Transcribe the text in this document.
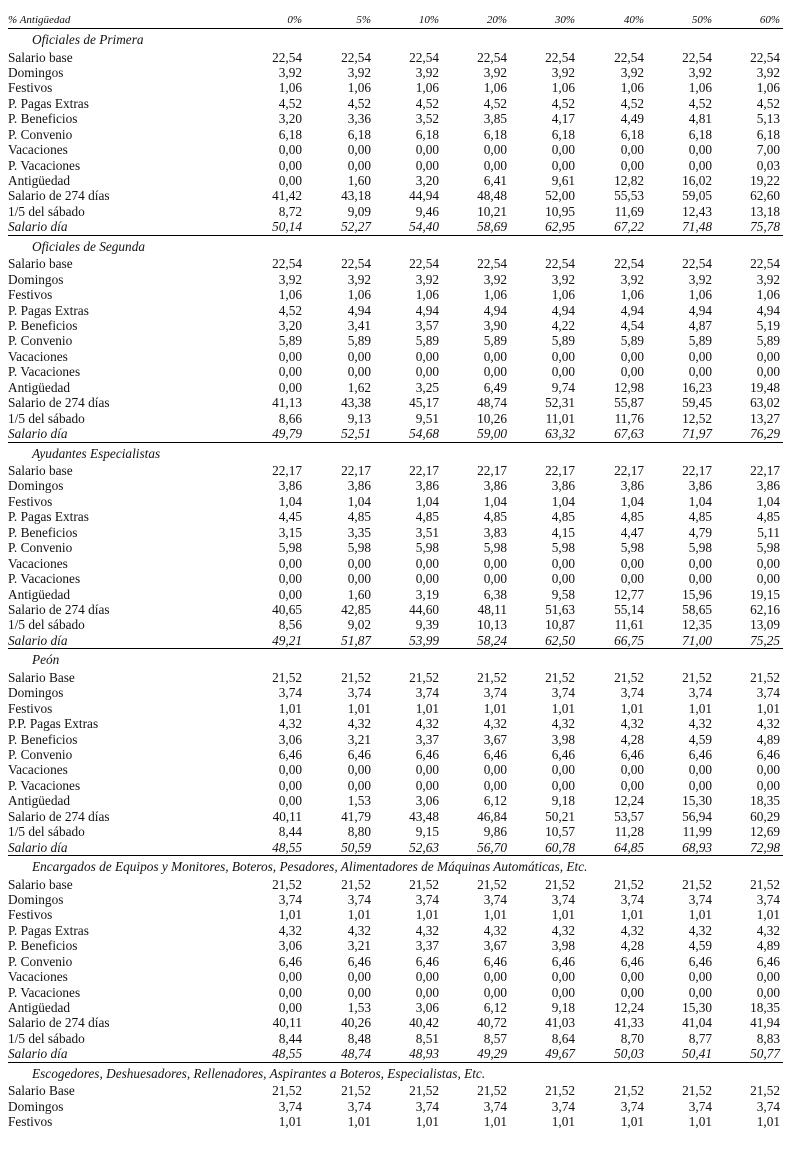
% Antigüedad	0%	5%	10%	20%	30%	40%	50%	60%
Oficiales de Primera
Salario base	22,54	22,54	22,54	22,54	22,54	22,54	22,54	22,54
Domingos	3,92	3,92	3,92	3,92	3,92	3,92	3,92	3,92
Festivos	1,06	1,06	1,06	1,06	1,06	1,06	1,06	1,06
P. Pagas Extras	4,52	4,52	4,52	4,52	4,52	4,52	4,52	4,52
P. Beneficios	3,20	3,36	3,52	3,85	4,17	4,49	4,81	5,13
P. Convenio	6,18	6,18	6,18	6,18	6,18	6,18	6,18	6,18
Vacaciones	0,00	0,00	0,00	0,00	0,00	0,00	0,00	7,00
P. Vacaciones	0,00	0,00	0,00	0,00	0,00	0,00	0,00	0,03
Antigüedad	0,00	1,60	3,20	6,41	9,61	12,82	16,02	19,22
Salario de 274 días	41,42	43,18	44,94	48,48	52,00	55,53	59,05	62,60
1/5 del sábado	8,72	9,09	9,46	10,21	10,95	11,69	12,43	13,18
Salario día	50,14	52,27	54,40	58,69	62,95	67,22	71,48	75,78
Oficiales de Segunda
Salario base	22,54	22,54	22,54	22,54	22,54	22,54	22,54	22,54
Domingos	3,92	3,92	3,92	3,92	3,92	3,92	3,92	3,92
Festivos	1,06	1,06	1,06	1,06	1,06	1,06	1,06	1,06
P. Pagas Extras	4,52	4,94	4,94	4,94	4,94	4,94	4,94	4,94
P. Beneficios	3,20	3,41	3,57	3,90	4,22	4,54	4,87	5,19
P. Convenio	5,89	5,89	5,89	5,89	5,89	5,89	5,89	5,89
Vacaciones	0,00	0,00	0,00	0,00	0,00	0,00	0,00	0,00
P. Vacaciones	0,00	0,00	0,00	0,00	0,00	0,00	0,00	0,00
Antigüedad	0,00	1,62	3,25	6,49	9,74	12,98	16,23	19,48
Salario de 274 días	41,13	43,38	45,17	48,74	52,31	55,87	59,45	63,02
1/5 del sábado	8,66	9,13	9,51	10,26	11,01	11,76	12,52	13,27
Salario día	49,79	52,51	54,68	59,00	63,32	67,63	71,97	76,29
Ayudantes Especialistas
Salario base	22,17	22,17	22,17	22,17	22,17	22,17	22,17	22,17
Domingos	3,86	3,86	3,86	3,86	3,86	3,86	3,86	3,86
Festivos	1,04	1,04	1,04	1,04	1,04	1,04	1,04	1,04
P. Pagas Extras	4,45	4,85	4,85	4,85	4,85	4,85	4,85	4,85
P. Beneficios	3,15	3,35	3,51	3,83	4,15	4,47	4,79	5,11
P. Convenio	5,98	5,98	5,98	5,98	5,98	5,98	5,98	5,98
Vacaciones	0,00	0,00	0,00	0,00	0,00	0,00	0,00	0,00
P. Vacaciones	0,00	0,00	0,00	0,00	0,00	0,00	0,00	0,00
Antigüedad	0,00	1,60	3,19	6,38	9,58	12,77	15,96	19,15
Salario de 274 días	40,65	42,85	44,60	48,11	51,63	55,14	58,65	62,16
1/5 del sábado	8,56	9,02	9,39	10,13	10,87	11,61	12,35	13,09
Salario día	49,21	51,87	53,99	58,24	62,50	66,75	71,00	75,25
Peón
Salario Base	21,52	21,52	21,52	21,52	21,52	21,52	21,52	21,52
Domingos	3,74	3,74	3,74	3,74	3,74	3,74	3,74	3,74
Festivos	1,01	1,01	1,01	1,01	1,01	1,01	1,01	1,01
P.P. Pagas Extras	4,32	4,32	4,32	4,32	4,32	4,32	4,32	4,32
P. Beneficios	3,06	3,21	3,37	3,67	3,98	4,28	4,59	4,89
P. Convenio	6,46	6,46	6,46	6,46	6,46	6,46	6,46	6,46
Vacaciones	0,00	0,00	0,00	0,00	0,00	0,00	0,00	0,00
P. Vacaciones	0,00	0,00	0,00	0,00	0,00	0,00	0,00	0,00
Antigüedad	0,00	1,53	3,06	6,12	9,18	12,24	15,30	18,35
Salario de 274 días	40,11	41,79	43,48	46,84	50,21	53,57	56,94	60,29
1/5 del sábado	8,44	8,80	9,15	9,86	10,57	11,28	11,99	12,69
Salario día	48,55	50,59	52,63	56,70	60,78	64,85	68,93	72,98
Encargados de Equipos y Monitores, Boteros, Pesadores, Alimentadores de Máquinas Automáticas, Etc.
Salario base	21,52	21,52	21,52	21,52	21,52	21,52	21,52	21,52
Domingos	3,74	3,74	3,74	3,74	3,74	3,74	3,74	3,74
Festivos	1,01	1,01	1,01	1,01	1,01	1,01	1,01	1,01
P. Pagas Extras	4,32	4,32	4,32	4,32	4,32	4,32	4,32	4,32
P. Beneficios	3,06	3,21	3,37	3,67	3,98	4,28	4,59	4,89
P. Convenio	6,46	6,46	6,46	6,46	6,46	6,46	6,46	6,46
Vacaciones	0,00	0,00	0,00	0,00	0,00	0,00	0,00	0,00
P. Vacaciones	0,00	0,00	0,00	0,00	0,00	0,00	0,00	0,00
Antigüedad	0,00	1,53	3,06	6,12	9,18	12,24	15,30	18,35
Salario de 274 días	40,11	40,26	40,42	40,72	41,03	41,33	41,04	41,94
1/5 del sábado	8,44	8,48	8,51	8,57	8,64	8,70	8,77	8,83
Salario día	48,55	48,74	48,93	49,29	49,67	50,03	50,41	50,77
Escogedores, Deshuesadores, Rellenadores, Aspirantes a Boteros, Especialistas, Etc.
Salario Base	21,52	21,52	21,52	21,52	21,52	21,52	21,52	21,52
Domingos	3,74	3,74	3,74	3,74	3,74	3,74	3,74	3,74
Festivos	1,01	1,01	1,01	1,01	1,01	1,01	1,01	1,01
